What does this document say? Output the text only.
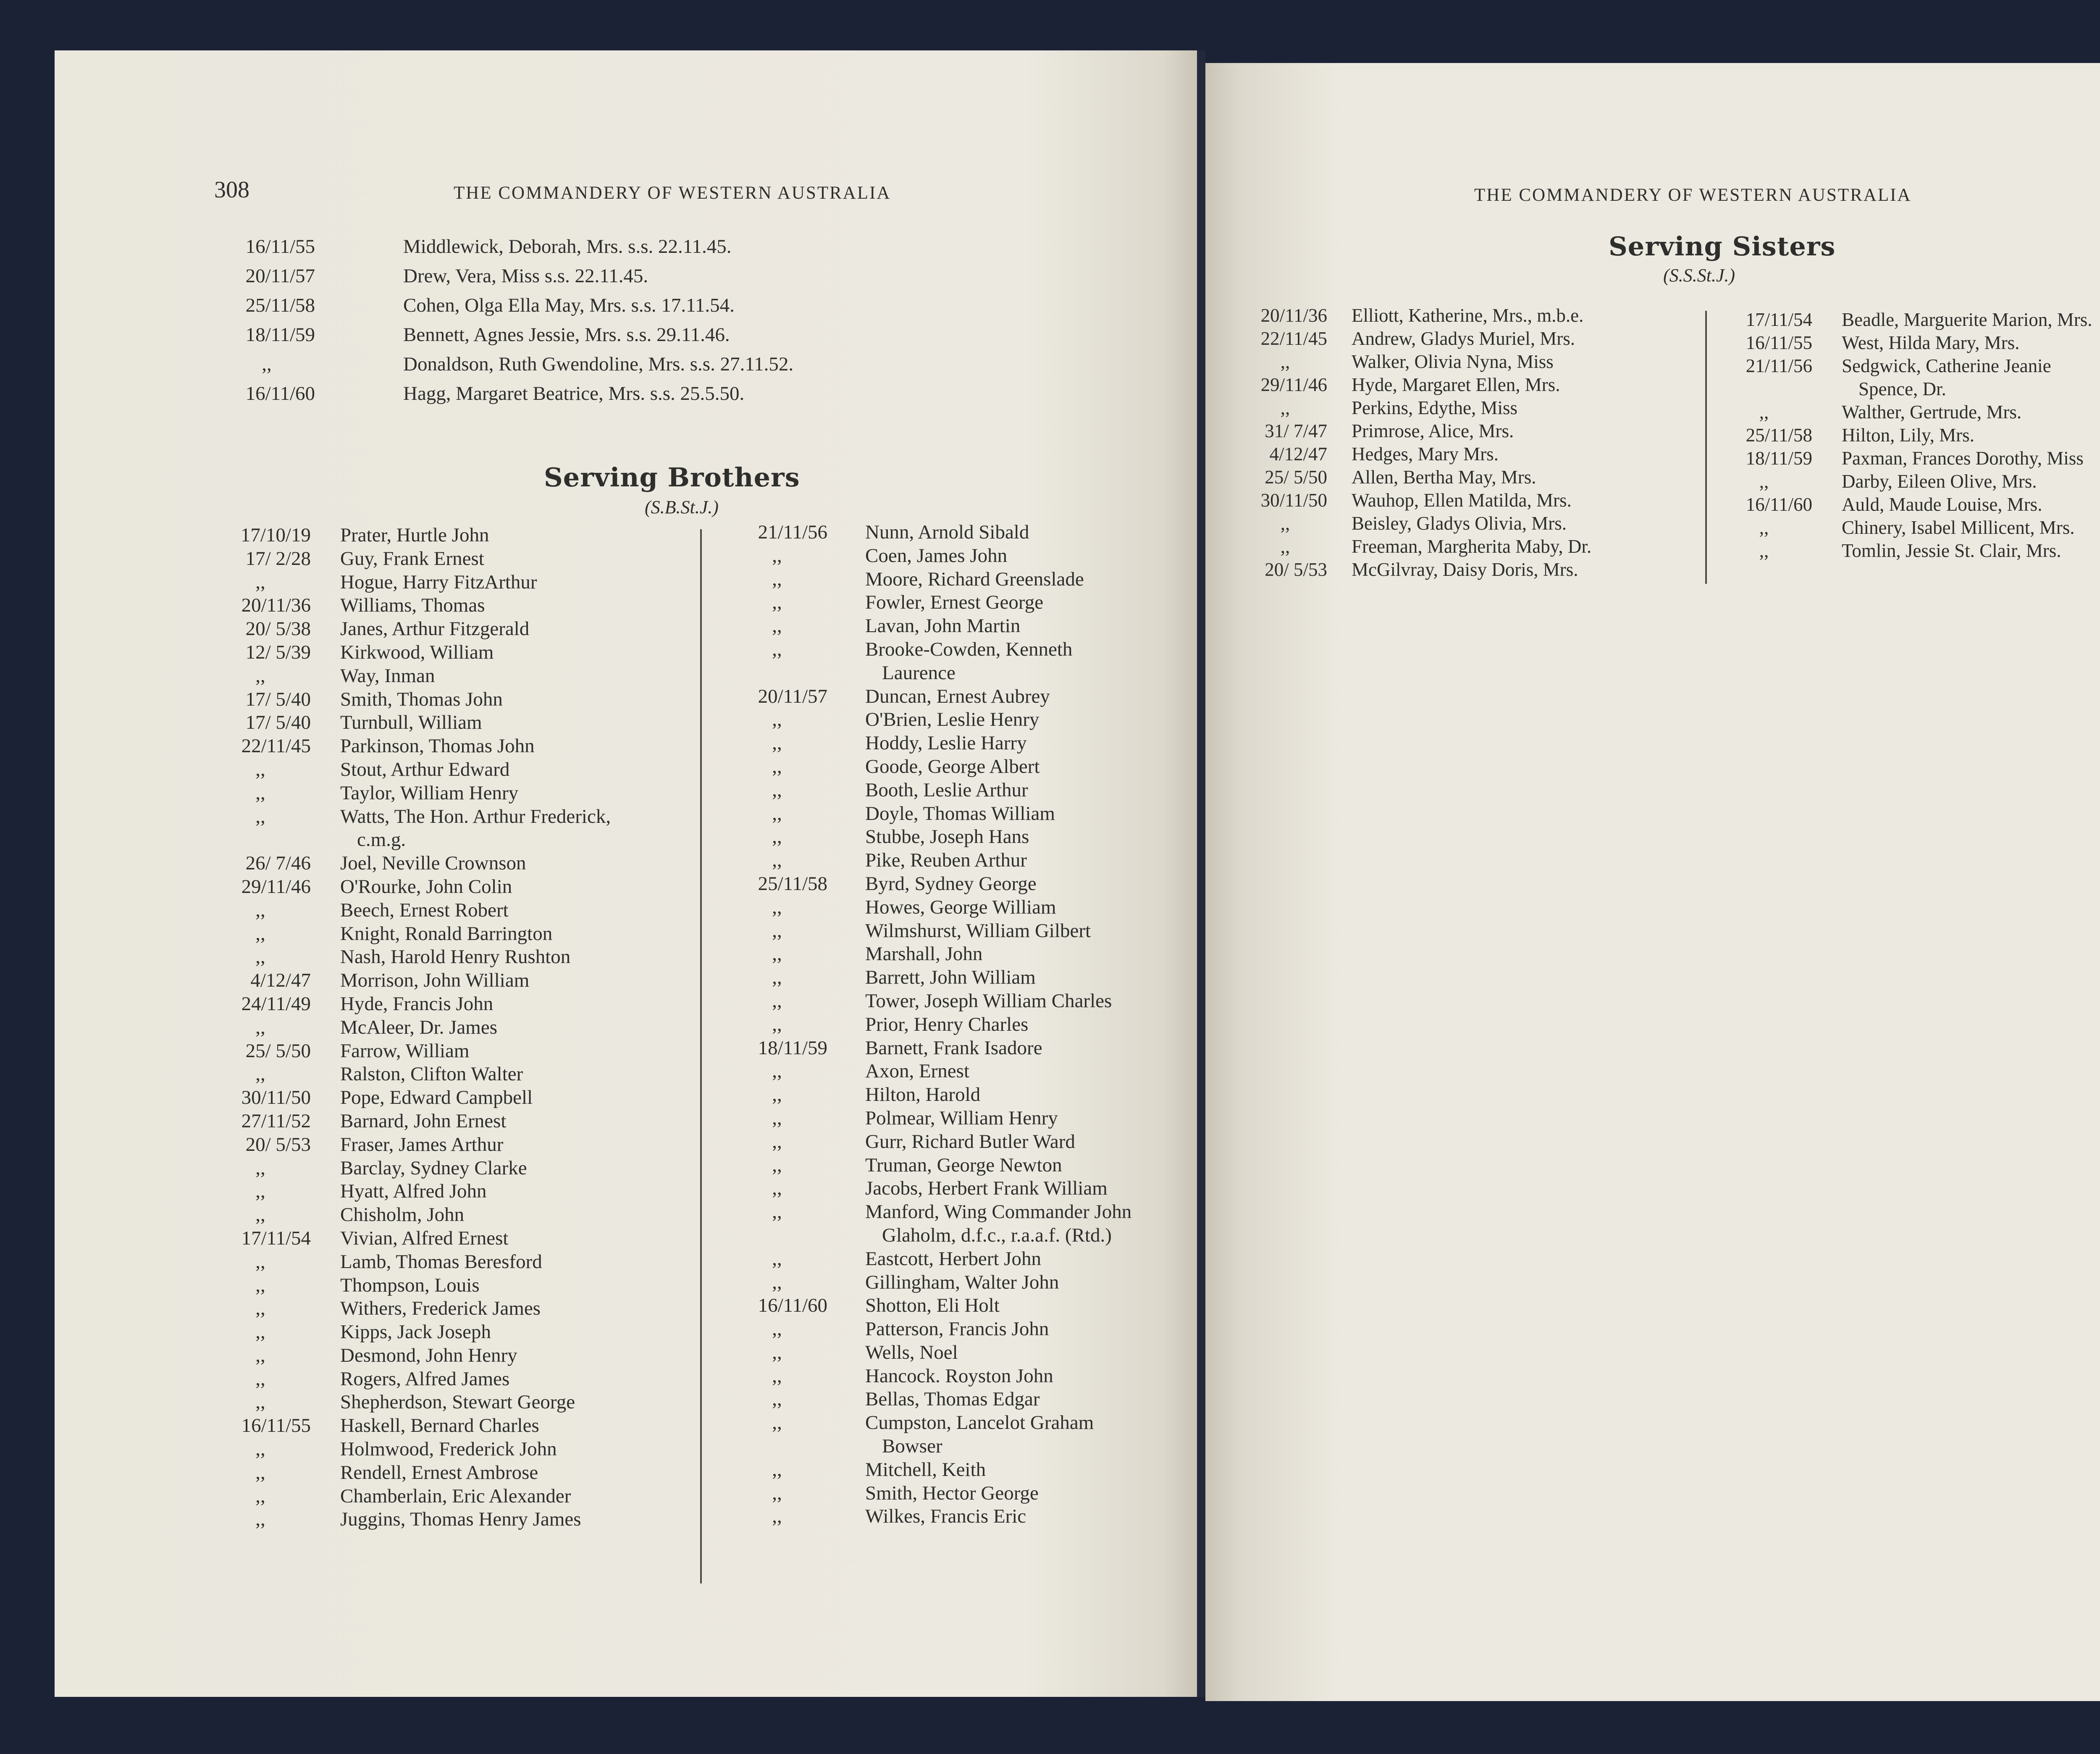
308	THE COMMANDERY OF WESTERN AUSTRALIA
16/11/55	Middlewick, Deborah, Mrs. s.s. 22.11.45.
20/11/57	Drew, Vera, Miss s.s. 22.11.45.
25/11/58	Cohen, Olga Ella May, Mrs. s.s. 17.11.54.
18/11/59	Bennett, Agnes Jessie, Mrs. s.s. 29.11.46.
,,	Donaldson, Ruth Gwendoline, Mrs. s.s. 27.11.52.
16/11/60	Hagg, Margaret Beatrice, Mrs. s.s. 25.5.50.
Serving Brothers
(S.B.St.J.)
17/10/19 Prater, Hurtle John
17/ 2/28 Guy, Frank Ernest
,,	Hogue, Harry FitzArthur
20/11/36 Williams, Thomas
20/ 5/38 Janes, Arthur Fitzgerald
12/ 5/39 Kirkwood, William
,,	Way, Inman
17/ 5/40 Smith, Thomas John
17/ 5/40 Turnbull, William
22/11/45 Parkinson, Thomas John
,,	Stout, Arthur Edward
,,	Taylor, William Henry
,,	Watts, The Hon. Arthur Frederick,
c.m.g.
26/ 7/46 Joel, Neville Crownson
29/11/46 O'Rourke, John Colin
,,	Beech, Ernest Robert
,,	Knight, Ronald Barrington
,,	Nash, Harold Henry Rushton
4/12/47 Morrison, John William
24/11/49 Hyde, Francis John
,,	McAleer, Dr. James
25/ 5/50 Farrow, William
,,	Ralston, Clifton Walter
30/11/50 Pope, Edward Campbell
27/11/52 Barnard, John Ernest
20/ 5/53 Fraser, James Arthur
,,	Barclay, Sydney Clarke
,,	Hyatt, Alfred John
,,	Chisholm, John
17/11/54 Vivian, Alfred Ernest
,,	Lamb, Thomas Beresford
,,	Thompson, Louis
,,	Withers, Frederick James
,,	Kipps, Jack Joseph
,,	Desmond, John Henry
,,	Rogers, Alfred James
,,	Shepherdson, Stewart George
16/11/55 Haskell, Bernard Charles
,,	Holmwood, Frederick John
,,	Rendell, Ernest Ambrose
,,	Chamberlain, Eric Alexander
,,	Juggins, Thomas Henry James
21/11/56 Nunn, Arnold Sibald
,,	Coen, James John
,,	Moore, Richard Greenslade
,,	Fowler, Ernest George
,,	Lavan, John Martin
,,	Brooke-Cowden, Kenneth
Laurence
20/11/57 Duncan, Ernest Aubrey
,,	O'Brien, Leslie Henry
,,	Hoddy, Leslie Harry
,,	Goode, George Albert
,,	Booth, Leslie Arthur
,,	Doyle, Thomas William
,,	Stubbe, Joseph Hans
,,	Pike, Reuben Arthur
25/11/58 Byrd, Sydney George
,,	Howes, George William
,,	Wilmshurst, William Gilbert
,,	Marshall, John
,,	Barrett, John William
,,	Tower, Joseph William Charles
,,	Prior, Henry Charles
18/11/59 Barnett, Frank Isadore
,,	Axon, Ernest
,,	Hilton, Harold
,,	Polmear, William Henry
,,	Gurr, Richard Butler Ward
,,	Truman, George Newton
,,	Jacobs, Herbert Frank William
,,	Manford, Wing Commander John
Glaholm, d.f.c., r.a.a.f. (Rtd.)
,,	Eastcott, Herbert John
,,	Gillingham, Walter John
16/11/60 Shotton, Eli Holt
,,	Patterson, Francis John
,,	Wells, Noel
,,	Hancock. Royston John
,,	Bellas, Thomas Edgar
,,	Cumpston, Lancelot Graham
Bowser
,,	Mitchell, Keith
,,	Smith, Hector George
,,	Wilkes, Francis Eric
THE COMMANDERY OF WESTERN AUSTRALIA
Serving Sisters
(S.S.St.J.)
20/11/36 Elliott, Katherine, Mrs., m.b.e.
22/11/45 Andrew, Gladys Muriel, Mrs.
,,	Walker, Olivia Nyna, Miss
29/11/46 Hyde, Margaret Ellen, Mrs.
,,	Perkins, Edythe, Miss
31/ 7/47 Primrose, Alice, Mrs.
4/12/47 Hedges, Mary Mrs.
25/ 5/50 Allen, Bertha May, Mrs.
30/11/50 Wauhop, Ellen Matilda, Mrs.
,,	Beisley, Gladys Olivia, Mrs.
,,	Freeman, Margherita Maby, Dr.
20/ 5/53 McGilvray, Daisy Doris, Mrs.
17/11/54 Beadle, Marguerite Marion, Mrs.
16/11/55 West, Hilda Mary, Mrs.
21/11/56 Sedgwick, Catherine Jeanie
Spence, Dr.
,,	Walther, Gertrude, Mrs.
25/11/58 Hilton, Lily, Mrs.
18/11/59 Paxman, Frances Dorothy, Miss
,,	Darby, Eileen Olive, Mrs.
16/11/60 Auld, Maude Louise, Mrs.
,,	Chinery, Isabel Millicent, Mrs.
,,	Tomlin, Jessie St. Clair, Mrs.
